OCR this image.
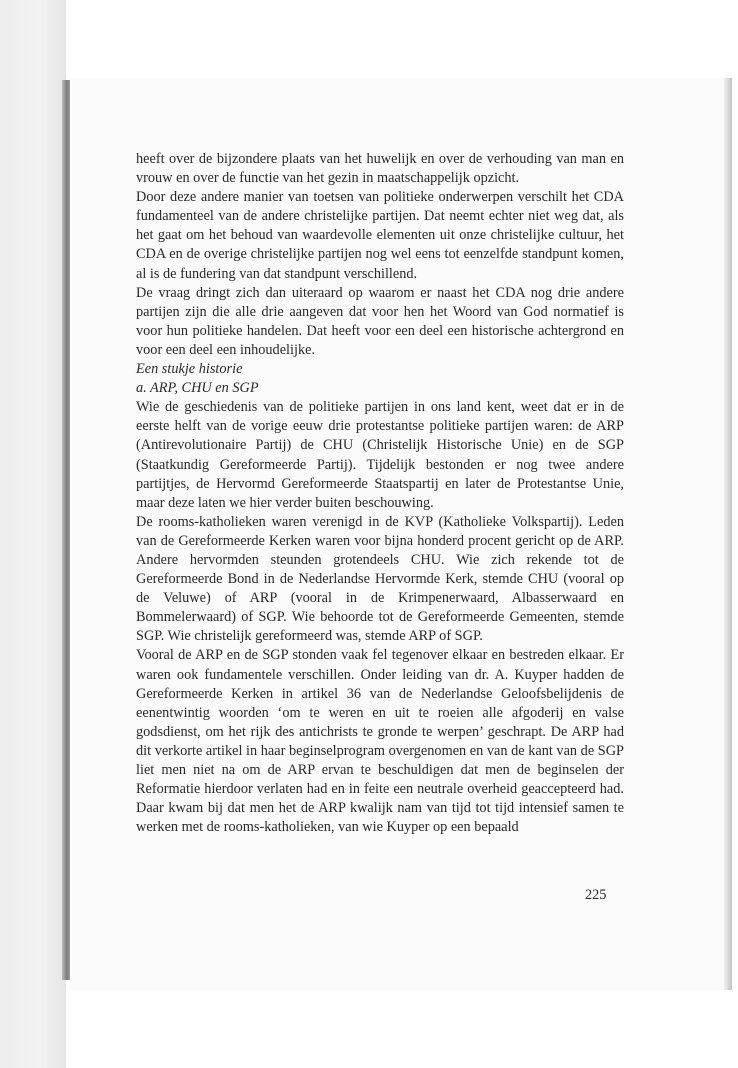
heeft over de bijzondere plaats van het huwelijk en over de verhouding van man en vrouw en over de functie van het gezin in maatschappelijk opzicht.

Door deze andere manier van toetsen van politieke onderwerpen verschilt het CDA fundamenteel van de andere christelijke partijen. Dat neemt echter niet weg dat, als het gaat om het behoud van waardevolle elementen uit onze christelijke cultuur, het CDA en de overige christelijke partijen nog wel eens tot eenzelfde standpunt komen, al is de fundering van dat standpunt verschillend.

De vraag dringt zich dan uiteraard op waarom er naast het CDA nog drie andere partijen zijn die alle drie aangeven dat voor hen het Woord van God normatief is voor hun politieke handelen. Dat heeft voor een deel een historische achtergrond en voor een deel een inhoudelijke.

Een stukje historie

a. ARP, CHU en SGP

Wie de geschiedenis van de politieke partijen in ons land kent, weet dat er in de eerste helft van de vorige eeuw drie protestantse politieke partijen waren: de ARP (Antirevolutionaire Partij) de CHU (Christelijk Historische Unie) en de SGP (Staatkundig Gereformeerde Partij). Tijdelijk bestonden er nog twee andere partijtjes, de Hervormd Gereformeerde Staatspartij en later de Protestantse Unie, maar deze laten we hier verder buiten beschouwing.

De rooms-katholieken waren verenigd in de KVP (Katholieke Volkspartij). Leden van de Gereformeerde Kerken waren voor bijna honderd procent gericht op de ARP. Andere hervormden steunden grotendeels CHU. Wie zich rekende tot de Gereformeerde Bond in de Nederlandse Hervormde Kerk, stemde CHU (vooral op de Veluwe) of ARP (vooral in de Krimpenerwaard, Albasserwaard en Bommelerwaard) of SGP. Wie behoorde tot de Gereformeerde Gemeenten, stemde SGP. Wie christelijk gereformeerd was, stemde ARP of SGP.

Vooral de ARP en de SGP stonden vaak fel tegenover elkaar en bestreden elkaar. Er waren ook fundamentele verschillen. Onder leiding van dr. A. Kuyper hadden de Gereformeerde Kerken in artikel 36 van de Nederlandse Geloofsbelijdenis de eenentwintig woorden ‘om te weren en uit te roeien alle afgoderij en valse godsdienst, om het rijk des antichrists te gronde te werpen’ geschrapt. De ARP had dit verkorte artikel in haar beginselprogram overgenomen en van de kant van de SGP liet men niet na om de ARP ervan te beschuldigen dat men de beginselen der Reformatie hierdoor verlaten had en in feite een neutrale overheid geaccepteerd had. Daar kwam bij dat men het de ARP kwalijk nam van tijd tot tijd intensief samen te werken met de rooms-katholieken, van wie Kuyper op een bepaald

225
